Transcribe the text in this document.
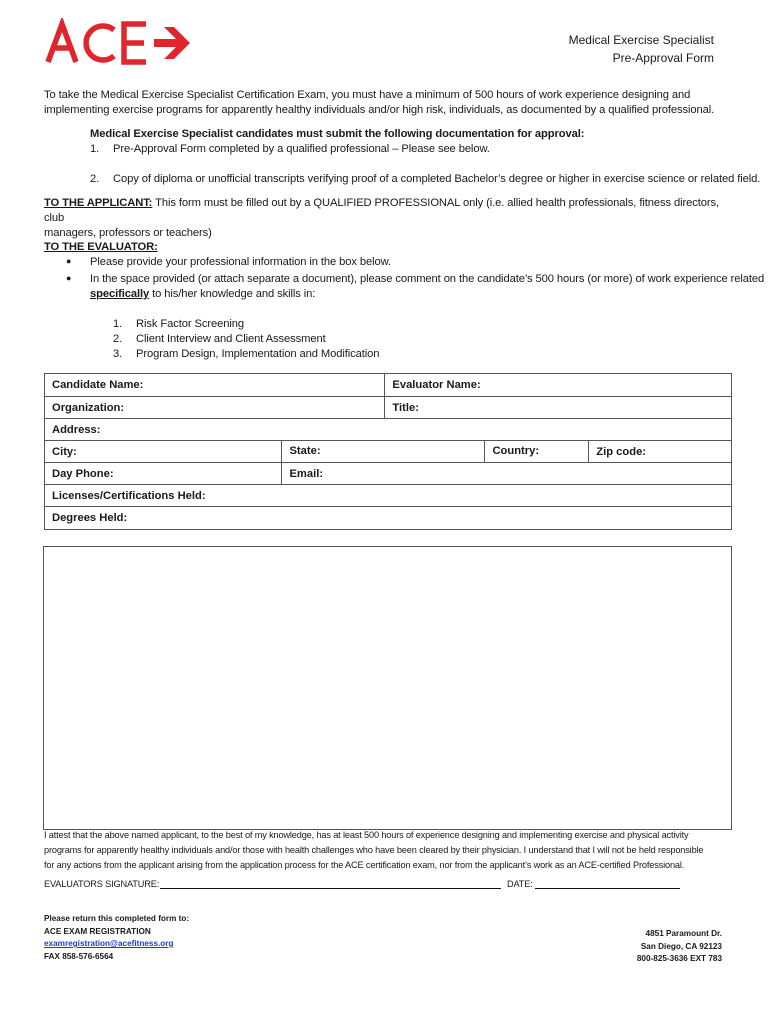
Medical Exercise Specialist
Pre-Approval Form
To take the Medical Exercise Specialist Certification Exam, you must have a minimum of 500 hours of work experience designing and
implementing exercise programs for apparently healthy individuals and/or high risk, individuals, as documented by a qualified professional.
Medical Exercise Specialist candidates must submit the following documentation for approval:
1. Pre-Approval Form completed by a qualified professional – Please see below.
2. Copy of diploma or unofficial transcripts verifying proof of a completed Bachelor’s degree or higher in exercise science or related field.
TO THE APPLICANT: This form must be filled out by a QUALIFIED PROFESSIONAL only (i.e. allied health professionals, fitness directors, club
managers, professors or teachers)
TO THE EVALUATOR:
● Please provide your professional information in the box below.
● In the space provided (or attach separate a document), please comment on the candidate’s 500 hours (or more) of work experience related
specifically to his/her knowledge and skills in:
1. Risk Factor Screening
2. Client Interview and Client Assessment
3. Program Design, Implementation and Modification
Candidate Name:		Evaluator Name:	
Organization:		Title:	
Address:			
City:	State: Country:		Zip code:
Day Phone:	Email:		
Licenses/Certifications Held:			
Degrees Held:			
I attest that the above named applicant, to the best of my knowledge, has at least 500 hours of experience designing and implementing exercise and physical activity
programs for apparently healthy individuals and/or those with health challenges who have been cleared by their physician. I understand that I will not be held responsible
for any actions from the applicant arising from the application process for the ACE certification exam, nor from the applicant’s work as an ACE-certified Professional.
EVALUATORS SIGNATURE:	DATE:
Please return this completed form to:
ACE EXAM REGISTRATION
examregistration@acefitness.org
FAX 858-576-6564
4851 Paramount Dr.
San Diego, CA 92123
800-825-3636 EXT 783
